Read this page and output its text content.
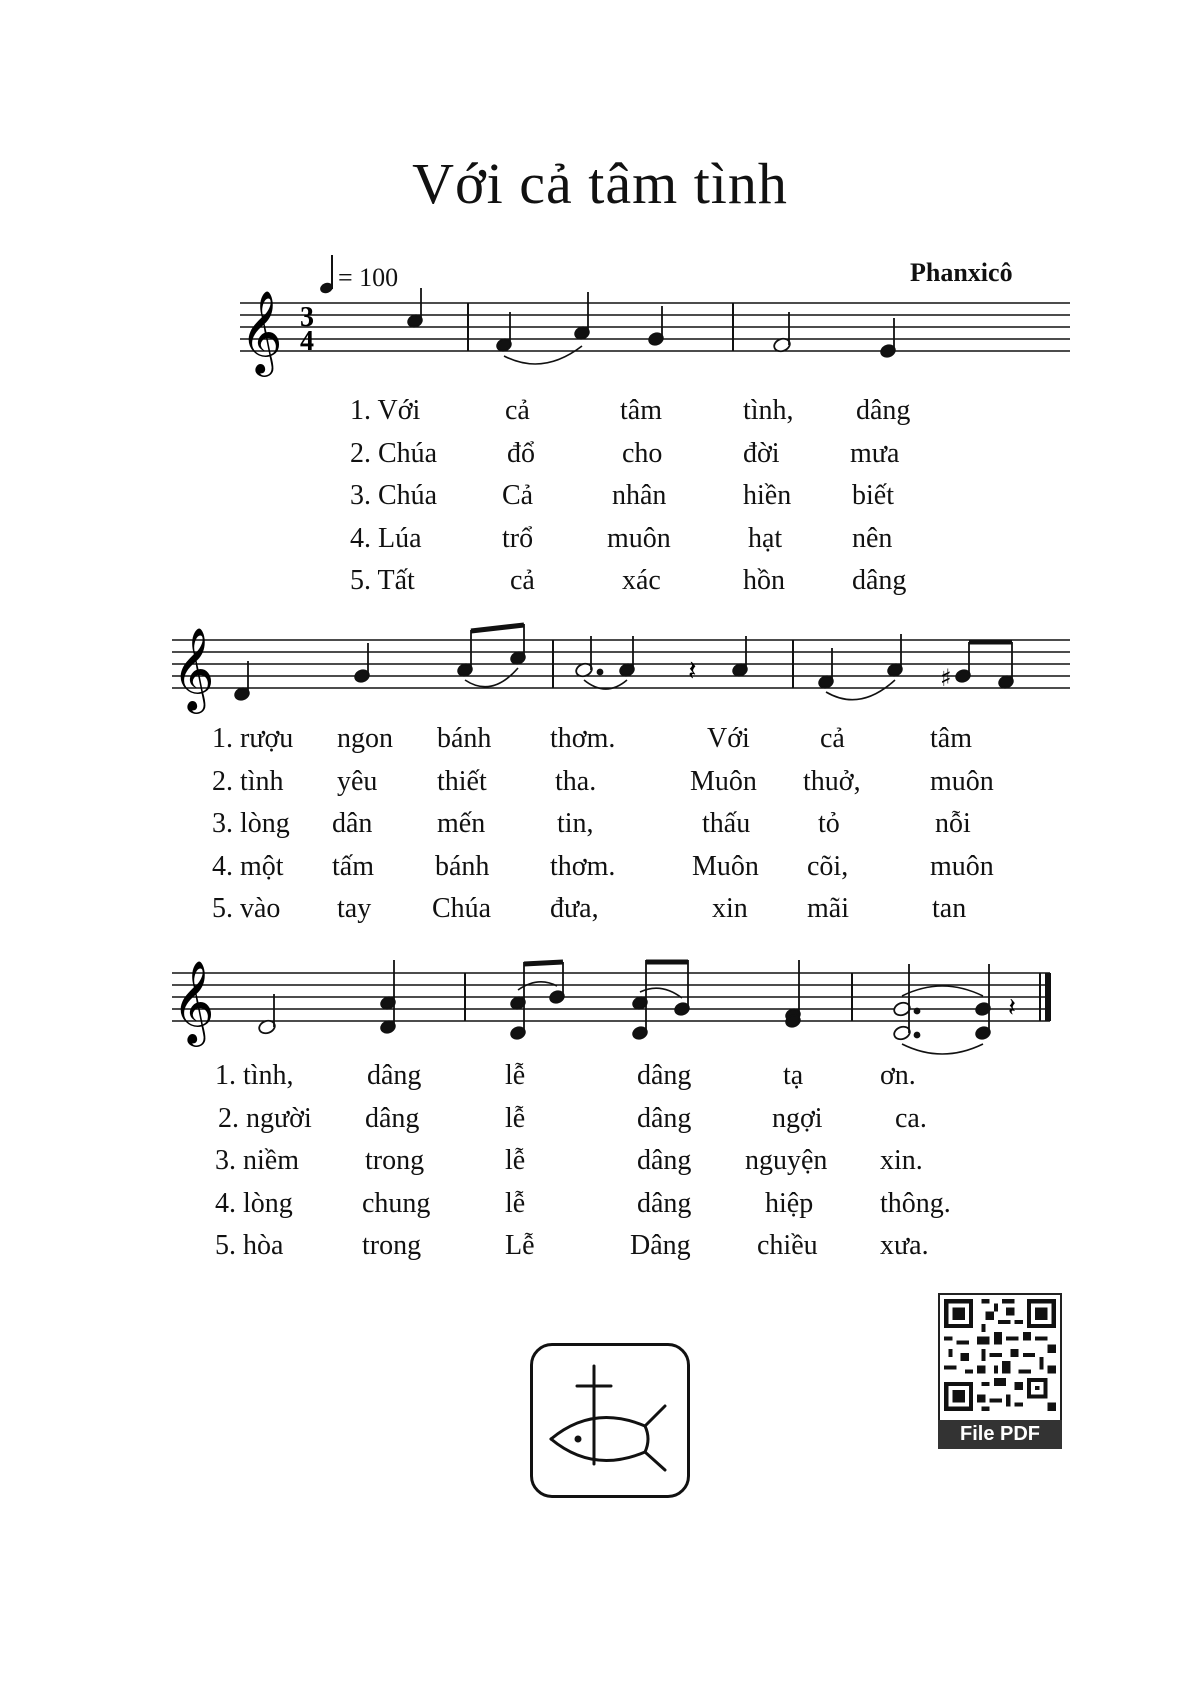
Với cả tâm tình
= 100	Phanxicô
𝄞 3
4
1. Với	cả	tâm	tình, dâng
2. Chúa đổ	cho	đời	mưa
3. Chúa Cả	nhân	hiền biết
4. Lúa	trổ	muôn	hạt nên
5. Tất	cả	xác	hồn dâng
𝄞	𝄽	♯
1. rượu ngon bánh thơm.	Với	cả	tâm
2. tình yêu thiết tha.	Muôn thuở, muôn
3. lòng dân mến	tin,	thấu tỏ	nỗi
4. một tấm bánh thơm.	Muôn cõi,	muôn
5. vào tay Chúa đưa,	xin mãi	tan
𝄞	𝄽
1. tình,	dâng	lễ	dâng	tạ	ơn.
2. người dâng	lễ	dâng	ngợi	ca.
3. niềm trong	lễ	dâng nguyện xin.
4. lòng chung	lễ	dâng	hiệp thông.
5. hòa	trong	Lễ	Dâng chiều xưa.
File PDF
